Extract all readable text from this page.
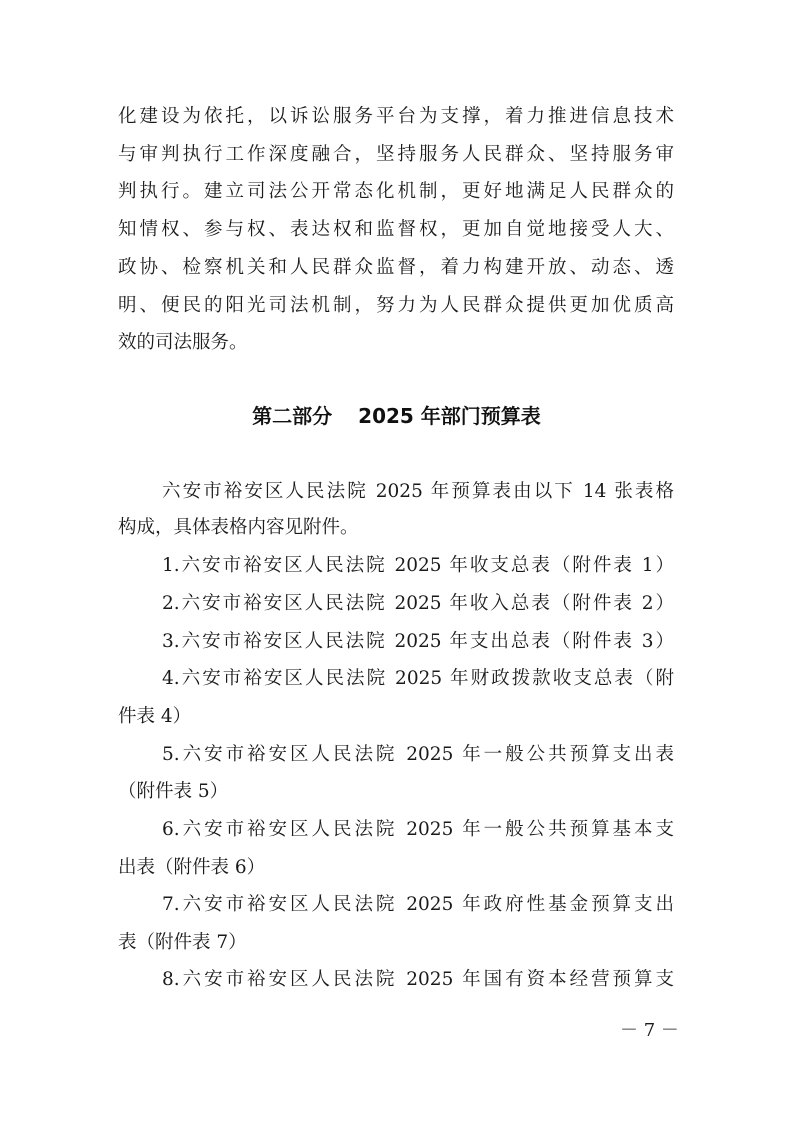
化建设为依托，以诉讼服务平台为支撑，着力推进信息技术
与审判执行工作深度融合，坚持服务人民群众、坚持服务审
判执行。建立司法公开常态化机制，更好地满足人民群众的
知情权、参与权、表达权和监督权，更加自觉地接受人大、
政协、检察机关和人民群众监督，着力构建开放、动态、透
明、便民的阳光司法机制，努力为人民群众提供更加优质高
效的司法服务。
第二部分 2025 年部门预算表
六安市裕安区人民法院 2025 年预算表由以下 14 张表格
构成，具体表格内容见附件。
1.六安市裕安区人民法院 2025 年收支总表（附件表 1）
2.六安市裕安区人民法院 2025 年收入总表（附件表 2）
3.六安市裕安区人民法院 2025 年支出总表（附件表 3）
4.六安市裕安区人民法院 2025 年财政拨款收支总表（附
件表 4）
5.六安市裕安区人民法院 2025 年一般公共预算支出表
（附件表 5）
6.六安市裕安区人民法院 2025 年一般公共预算基本支
出表（附件表 6）
7.六安市裕安区人民法院 2025 年政府性基金预算支出
表（附件表 7）
8.六安市裕安区人民法院 2025 年国有资本经营预算支
－ 7 －
